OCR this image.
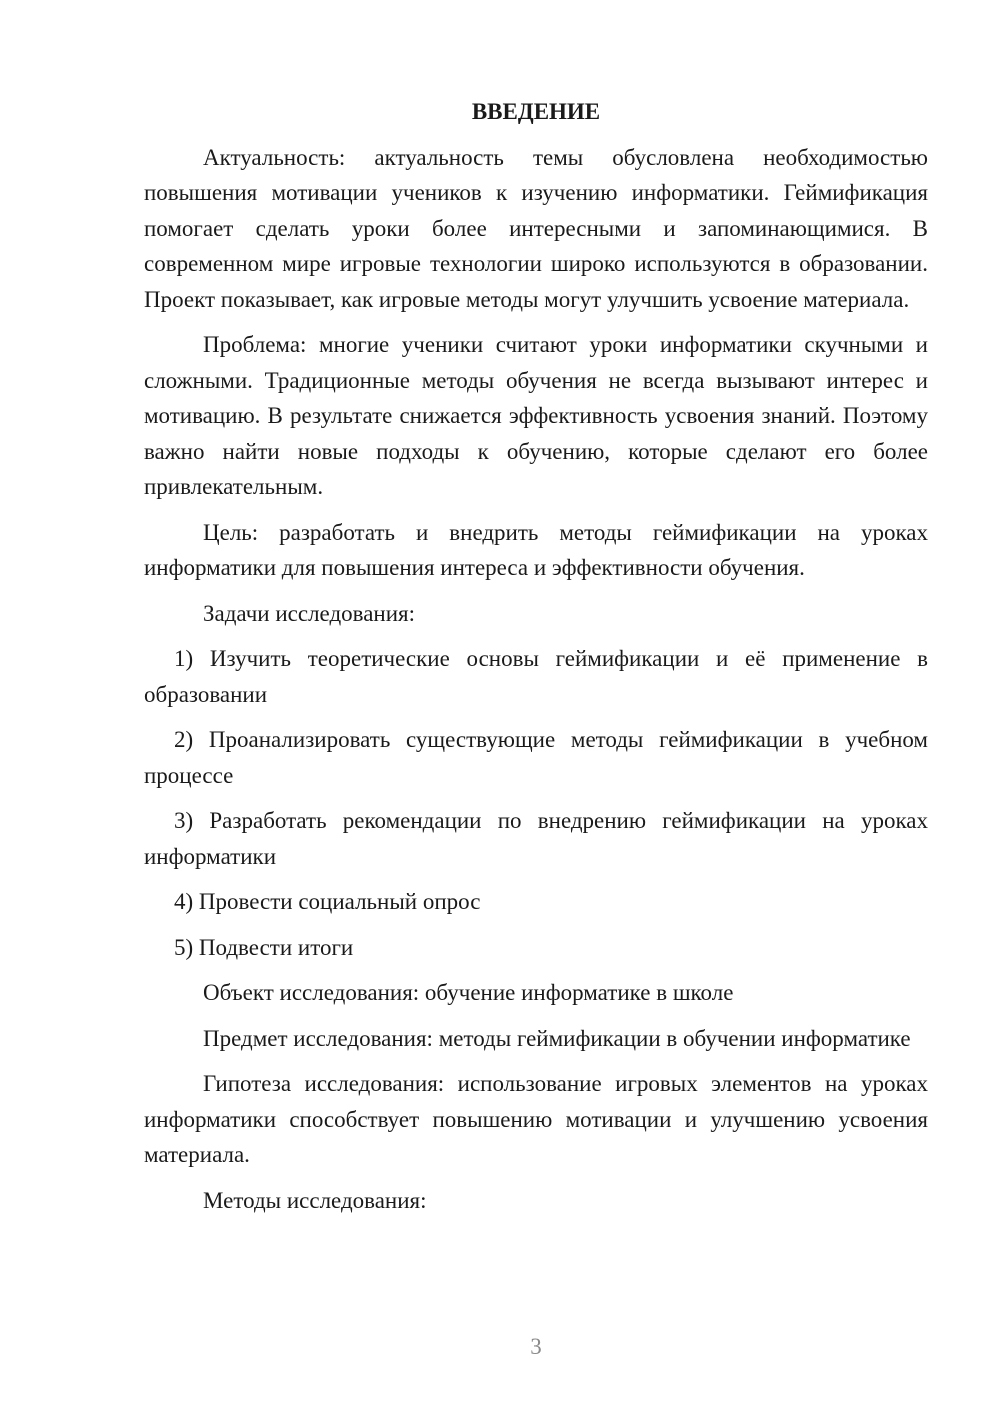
ВВЕДЕНИЕ

Актуальность: актуальность темы обусловлена необходимостью повышения мотивации учеников к изучению информатики. Геймификация помогает сделать уроки более интересными и запоминающимися. В современном мире игровые технологии широко используются в образовании. Проект показывает, как игровые методы могут улучшить усвоение материала.

Проблема: многие ученики считают уроки информатики скучными и сложными. Традиционные методы обучения не всегда вызывают интерес и мотивацию. В результате снижается эффективность усвоения знаний. Поэтому важно найти новые подходы к обучению, которые сделают его более привлекательным.

Цель: разработать и внедрить методы геймификации на уроках информатики для повышения интереса и эффективности обучения.

Задачи исследования:

1) Изучить теоретические основы геймификации и её применение в образовании

2) Проанализировать существующие методы геймификации в учебном процессе

3) Разработать рекомендации по внедрению геймификации на уроках информатики

4) Провести социальный опрос

5) Подвести итоги

Объект исследования: обучение информатике в школе

Предмет исследования: методы геймификации в обучении информатике

Гипотеза исследования: использование игровых элементов на уроках информатики способствует повышению мотивации и улучшению усвоения материала.

Методы исследования:

3
